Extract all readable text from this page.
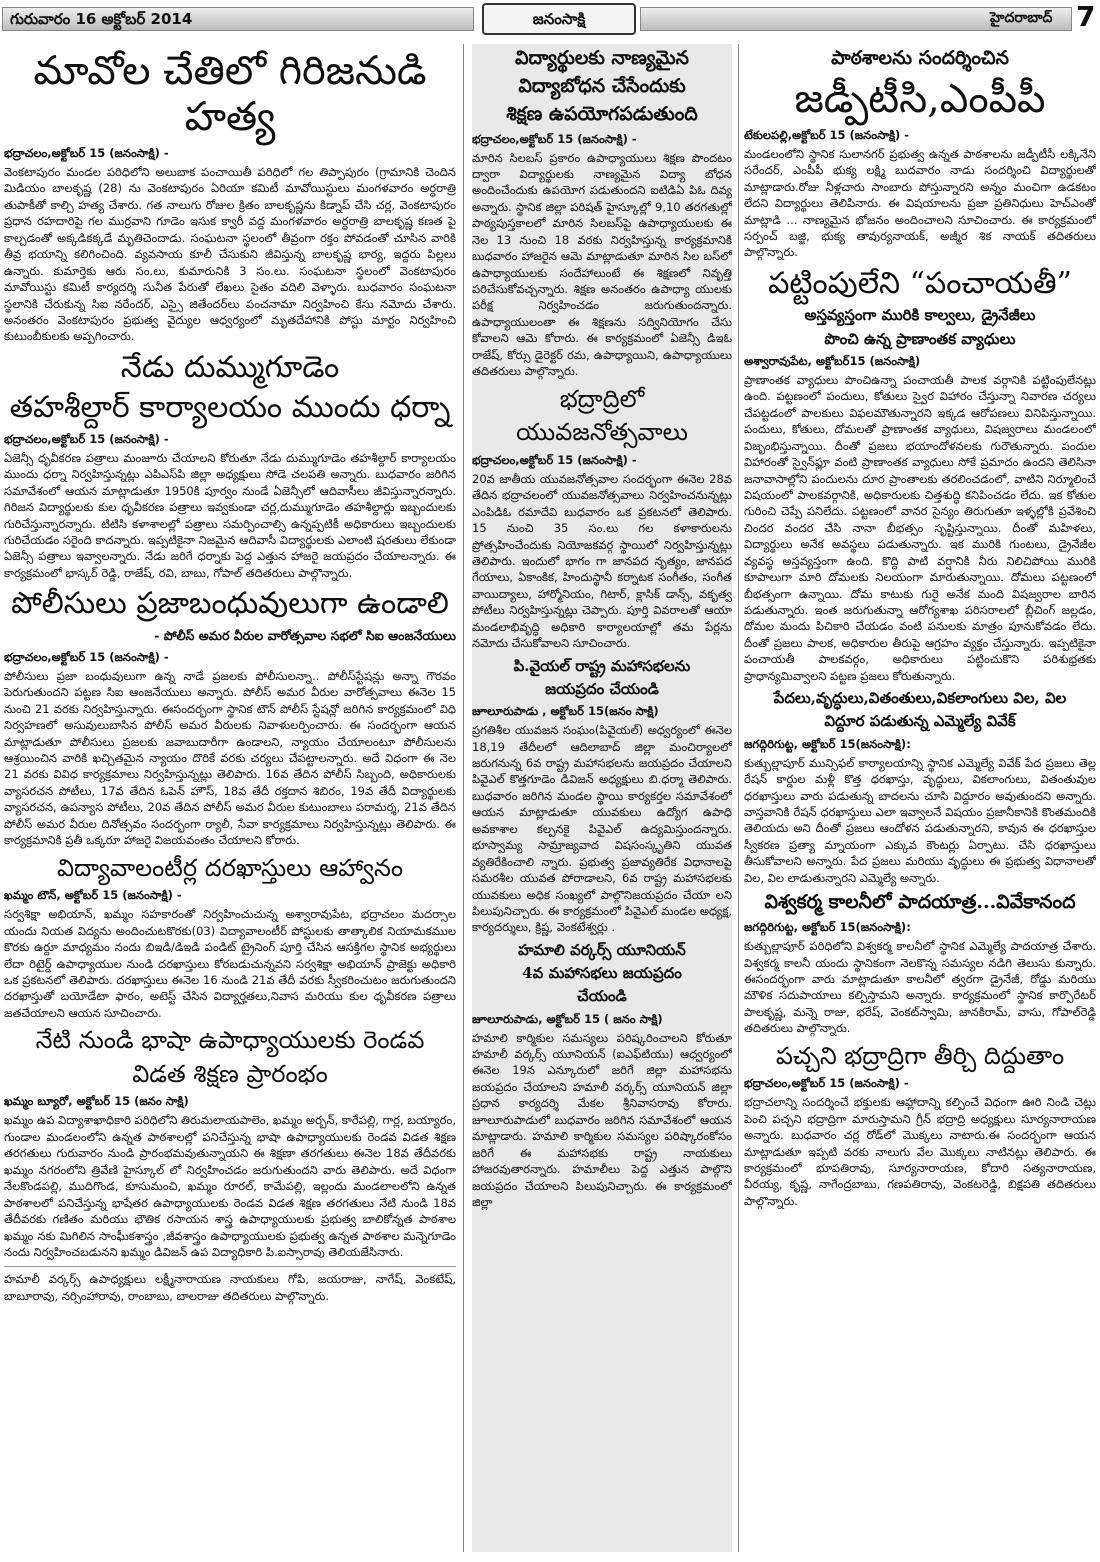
గురువారం 16 అక్టోబర్ 2014	జనంసాక్షి	హైదరాబాద్ 7
మావోల చేతిలో గిరిజనుడి హత్య
భద్రాచలం,అక్టోబర్ 15 (జనంసాక్షి) -

వెంకటాపురం మండల పరిధిలోని అలుబాక పంచాయితీ పరిధిలో గల తిప్పాపురం (గ్రామానికి చెందిన మిడియం బాలకృష్ణ (28) ను వెంకటాపురం ఏరియా కమిటీ మావోయిస్టులు మంగళవారం అర్ధరాత్రి తుపాకీతో కాల్చి హత్య చేశారు. గత నాలుగు రోజుల క్రితం బాలకృష్ణను కిడ్నాప్ చేసి చర్ల, వెంకటాపురం ప్రధాన రహదారిపై గల ముర్రవాని గూడెం ఇసుక క్వారీ వద్ద మంగళవారం అర్ధరాత్రి బాలకృష్ణ కణత పై కాల్చడంతో అక్కడికక్కడే మృతిచెందాడు. సంఘటనా స్థలంలో తీవ్రంగా రక్తం పోవడంతో చూసిన వారికి తీవ్ర భయాన్ని కలిగించింది. వ్యవసాయ కూలీ చేసుకుని జీవిస్తున్న బాలకృష్ణ భార్య, ఇద్దరు పిల్లలు ఉన్నారు. కుమార్తెకు ఆరు సం.లు, కుమారునికి 3 సం.లు. సంఘటనా స్థలంలో వెంకటాపురం మావోయిస్టు కమిటీ కార్యదర్శి సునీత పేరుతో లేఖలు సైతం వదిలి వెళ్ళారు. బుధవారం సంఘటనా స్థలానికి చేరుకున్న సిఐ నరేందర్, ఎస్సై జితేందర్‌లు పంచనామా నిర్వహించి కేసు నమోదు చేశారు. అనంతరం వెంకటాపురం ప్రభుత్వ వైద్యుల ఆధ్వర్యంలో మృతదేహానికి పోస్టు మార్టం నిర్వహించి కుటుంబీకులకు అప్పగించారు.

నేడు దుమ్ముగూడెం
తహశీల్దార్ కార్యాలయం ముందు ధర్నా
భద్రాచలం,అక్టోబర్ 15 (జనంసాక్షి) -

ఏజెన్సీ ధృవీకరణ పత్రాలు మంజూరు చేయాలని కోరుతూ నేడు దుమ్ముగూడెం తహశీల్దార్ కార్యాలయం ముందు ధర్నా నిర్వహిస్తున్నట్లు ఎపిఎస్‌పి జిల్లా అధ్యక్షులు సోడె చలపతి అన్నారు. బుధవారం జరిగిన సమావేశంలో ఆయన మాట్లాడుతూ 1950కి పూర్వం నుండే ఏజెన్సీలో ఆదివాసీలు జీవిస్తున్నారన్నారు. గిరిజన విద్యార్థులకు కుల ధృవీకరణ పత్రాలు ఇవ్వకుండా చర్ల,దుమ్ముగూడెం తహశీల్దార్లు ఇబ్బందులకు గురిచేస్తున్నారన్నారు. టిటిసి కళాశాలల్లో పత్రాలు సమర్పించాల్సి ఉన్నప్పటికీ అధికారులు ఇబ్బందులకు గురిచేయడం సరైంది కాదన్నారు. ఇప్పటికైనా నిజమైన ఆదివాసీ విద్యార్థులకు ఎలాంటి షరతులు లేకుండా ఏజెన్సీ పత్రాలు ఇవ్వాలన్నారు. నేడు జరిగే ధర్నాకు పెద్ద ఎత్తున హాజరై జయప్రదం చేయాలన్నారు. ఈ కార్యక్రమంలో భాస్కర్ రెడ్డి, రాజేష్, రవి, బాబు, గోపాల్ తదితరులు పాల్గొన్నారు.

పోలీసులు ప్రజాబంధువులుగా ఉండాలి
- పోలీస్ అమర వీరుల వారోత్సవాల సభలో సిఐ ఆంజనేయులు
భద్రాచలం,అక్టోబర్ 15 (జనంసాక్షి) -

పోలీసులు ప్రజా బంధువులుగా ఉన్న నాడే ప్రజలకు పోలీసులన్నా.. పోలీస్‌స్టేషన్లు అన్నా గౌరవం పెరుగుతుందని పట్టణ సిఐ ఆంజనేయులు అన్నారు. పోలీస్ అమర వీరుల వారోత్సవాలు ఈనెల 15 నుంచి 21 వరకు నిర్వహిస్తున్నారు. ఈసందర్భంగా స్థానిక టౌన్ పోలీస్ స్టేషన్లో జరిగిన కార్యక్రమంలో విధి నిర్వహణలో అసువులుబాసిన పోలీస్ అమర వీరులకు నివాళులర్పించారు. ఈ సందర్భంగా ఆయన మాట్లాడుతూ పోలీసులు ప్రజలకు జవాబుదారీగా ఉండాలని, న్యాయం చేయాలంటూ పోలీసులను ఆశ్రయించిన వారికి ఖచ్చితమైన న్యాయం దొరికే వరకు చర్యలు చేపట్టాలన్నారు. అదే విధంగా ఈ నెల 21 వరకు వివిధ కార్యక్రమాలు నిర్వహిస్తున్నట్లు తెలిపారు. 16వ తేదిన పోలీస్ సిబ్బంది, అధికారులకు వ్యాసరచన పోటీలు, 17వ తేదిన ఓపెన్ హౌస్, 18వ తేదీ రక్తదాన శిబిరం, 19వ తేదీ విద్యార్థులకు వ్యాసరచన, ఉపన్యాస పోటీలు, 20వ తేదిన పోలీస్ అమర వీరుల కుటుంబాలు పరామర్శ, 21వ తేదిన పోలీస్ అమర వీరుల దినోత్సవం సందర్భంగా ర్యాలీ, సేవా కార్యక్రమాలు నిర్వహిస్తున్నట్లు తెలిపారు. ఈ కార్యక్రమానికి ప్రతీ ఒక్కరూ హాజరై విజయవంతం చేయాలని కోరారు.

విద్యావాలంటీర్ల దరఖాస్తులు ఆహ్వానం
ఖమ్మం టౌన్, అక్టోబర్ 15 (జనంసాక్షి) -

సర్వశిక్షా అభియాన్, ఖమ్మం సహకారంతో నిర్వహించుచున్న అశ్వారావుపేట, భద్రాచలం మదర్సాల యందు నియత విద్యను అందించుటకొరకు(03) విద్యావాలంటీర్ పోస్టులకు తాత్కాలిక నియామకముల కొరకు ఉర్దూ మాధ్యమం నందు బిఇడి/డిఇడి పండిట్ ట్రైనింగ్ పూర్తి చేసిన ఆసక్తిగల స్థానిక అభ్యర్థులు లేదా రిటైర్డ్ ఉపాధ్యాయుల నుండి దరఖాస్తులు కోరబడుచున్నవని సర్వశిక్షా అభియాన్ ప్రాజెక్టు అధికారి ఒక ప్రకటనలో తెలిపారు. దరఖాస్తులు ఈనెల 16 నుండి 21వ తేదీ వరకు స్వీకరించుటం జరుగుతుందని దరఖాస్తుతో బయోడేటా ఫారం, అటెస్ట్ చేసిన విద్యార్హతలు,నివాస మరియు కుల ధృవీకరణ పత్రాలు జతచేయాలని ఆయన సూచించారు.

నేటి నుండి భాషా ఉపాధ్యాయులకు రెండవ
విడత శిక్షణ ప్రారంభం
ఖమ్మం బ్యూరో, అక్టోబర్ 15 (జనం సాక్షి)

ఖమ్మం ఉప విద్యాశాఖాధికారి పరిధిలోని తిరుమలాయపాలెం, ఖమ్మం అర్బన్, కారేపల్లి, గార్ల, బయ్యారం, గుండాల మండలంలోని ఉన్నత పాఠశాలల్లో పనిచేస్తున్న భాషా ఉపాధ్యాయులకు రెండవ విడత శిక్షణ తరగతులు గురువారం నుండి ప్రారంభమవుతున్నాయని ఈ శిక్షణా తరగతులు ఈనెల 18వ తేదీవరకు ఖమ్మం నగరంలోని త్రివేణి హైస్కూల్ లో నిర్వహించడం జరుగుతుందని వారు తెలిపారు. అదే విధంగా నేలకొండపల్లి, ముదిగొండ, కూసుమంచి, ఖమ్మం రూరల్, కామేపల్లి, ఇల్లందు మండలాలలోని ఉన్నత పాఠశాలలో పనిచేస్తున్న భాషేతర ఉపాధ్యాయులకు రెండవ విడత శిక్షణ తరగతులు నేటి నుండి 18వ తేదీవరకు గణితం మరియు భౌతిక రసాయన శాస్త్ర ఉపాధ్యాయులకు ప్రభుత్వ బాలికోన్నత పాఠశాల ఖమ్మం నకు మిగిలిన సాంఘీకశాస్త్రం ,జీవశాస్త్రం ఉపాధ్యాయులకు ప్రభుత్వ ఉన్నత పాఠశాల మన్నెగూడెం నందు నిర్వహించబడునని ఖమ్మం డివిజన్ ఉప విద్యాధికారి పి.ఐస్సారావు తెలియజేసినారు.

హమాలీ వర్కర్స్ ఉపాధ్యక్షులు లక్ష్మీనారాయణ నాయకులు గోపి, జయరాజు, నాగేష్, వెంకటేష్, బాబూరావు, నర్సింహారావు, రాంబాబు, బాలరాజు తదితరులు పాల్గొన్నారు.

విద్యార్థులకు నాణ్యమైన
విద్యాబోధన చేసేందుకు
శిక్షణ ఉపయోగపడుతుంది
భద్రాచలం,అక్టోబర్ 15 (జనంసాక్షి) -

మారిన సిలబస్ ప్రకారం ఉపాధ్యాయులు శిక్షణ పొందటం ద్వారా విద్యార్థులకు నాణ్యమైన విద్యా బోధన అందించేందుకు ఉపయోగ పడుతుందని ఐటిడిఏ పిఓ దివ్య అన్నారు. స్థానిక జిల్లా పరిషత్ హైస్కూల్లో 9,10 తరగతుల్లో పాఠ్యపుస్తకాలలో మారిన సిలబస్‌పై ఉపాధ్యాయులకు ఈ నెల 13 నుంచి 18 వరకు నిర్వహిస్తున్న కార్యక్రమానికి బుధవారం హాజరైన ఆమె మాట్లాడుతూ మారిన సిల బస్‌లో ఉపాధ్యాయులకు సందేహాలుంటే ఈ శిక్షణలో నివృత్తి పరిచేసుకోవచ్చన్నారు. శిక్షణ అనంతరం ఉపాధ్యా యులకు పరీక్ష నిర్వహించడం జరుగుతుందన్నారు. ఉపాధ్యాయులంతా ఈ శిక్షణను సద్వినియోగం చేసు కోవాలని ఆమె కోరారు. ఈ కార్యక్రమంలో ఏజెన్సీ డిఇఓ రాజేష్, కోర్సు డైరెక్టర్ రమ, ఉపాధ్యాయిని, ఉపాధ్యాయులు తదితరులు పాల్గొన్నారు.

భద్రాద్రిలో
యువజనోత్సవాలు
భద్రాచలం,అక్టోబర్ 15 (జనంసాక్షి) -

20వ జాతీయ యువజనోత్సవాల సందర్భంగా ఈనెల 28వ తేదిన భద్రాచలంలో యువజనోత్సవాలు నిర్వహించనున్నట్లు ఎంపిడిఓ రమాదేవి బుధవారం ఒక ప్రకటనలో తెలిపారు. 15 నుంచి 35 సం.లు గల కళాకారులను ప్రోత్సహించేందుకు నియోజకవర్గ స్థాయిలో నిర్వహిస్తున్నట్లు తెలిపారు. ఇందులో భాగం గా జానపద నృత్యం, జానపద గేయాలు, ఏకాంకిక, హిందుస్థానీ కర్నాటక సంగీతం, సంగీత వాయిద్యాలు, హార్మోనియం, గిటార్, క్లాసిక్ డాన్స్, వకృత్వ పోటీలు నిర్వహిస్తున్నట్లు చెప్పారు. పూర్తి వివరాలతో ఆయా మండలాభివృద్ధి అధికారి కార్యాలయాల్లో తమ పేర్లను నమోదు చేసుకోవాలని సూచించారు.

పి.వైయల్ రాష్ట్ర మహాసభలను
జయప్రదం చేయండి
జూలూరుపాడు , అక్టోబర్ 15(జనం సాక్షి)

ప్రగతిశీల యువజన సంఘం(పివైయల్) అధ్వర్యంలో ఈనెల 18,19 తేదీలలో ఆదిలాబాద్ జిల్లా మంచిర్యాలలో జరుగనున్న 6వ రాష్ట్ర మహాసభలను జయప్రదం చేయాలని పివైఎల్ కొత్తగూడెం డివిజన్ అధ్యక్షులు బి.ధర్మా తెలిపారు. బుధవారం జరిగిన మండల స్థాయి కార్యకర్తల సమావేశంలో ఆయన మాట్లాడుతూ యువకులు ఉద్యోగ ఉపాధి అవకాశాల కల్పనకై పివైఎల్ ఉద్యమిస్తుందన్నారు. భూస్వామ్య సామ్రాజ్యవాద విషసంస్కృతిని యువత వ్యతిరేకించాలి న్నారు. ప్రభుత్వ ప్రజావ్యతిరేక విధానాలపై సమరశీల యువత పోరాడాలని, 6వ రాష్ట్ర మహాసభలకు యువకులు అధిక సంఖ్యలో పాల్గొనిజయప్రదం చేయా లని పిలుపునిచ్చారు. ఈ కార్యక్రమంలో పివైఎల్ మండల అధ్యక్ష, కార్యదర్శులు, క్రిష్ణ, వెంకటేశ్వర్లు .

హమాలి వర్కర్స్ యూనియన్
4వ మహాసభలు జయప్రదం
చేయండి
జూలూరుపాడు, అక్టోబర్ 15 ( జనం సాక్షి)

హమాలి కార్మికుల సమస్యలు పరిష్కరించాలని కోరుతూ హమాలీ వర్కర్స్ యూనియన్ (ఐఎఫ్‌టియు) ఆధ్వర్యంలో ఈనెల 19న ఎన్కూరులో జరిగే జిల్లా మహాసభను జయప్రదం చేయాలని హమాలీ వర్కర్స్ యూనియన్ జిల్లా ప్రధాన కార్యదర్శి మేకల శ్రీనివాసరావు కోరారు. జూలూరుపాడులో బుధవారం జరిగిన సమావేశంలో ఆయన మాట్లాడారు. హమాలి కార్మికుల సమస్యల పరిష్కారంకోసం జరిగే ఈ మహాసభకు రాష్ట్ర నాయకులు హాజరవుతారన్నారు. హమాలీలు పెద్ద ఎత్తున పాల్గొని జయప్రదం చేయాలని పిలుపునిచ్చారు. ఈ కార్యక్రమంలో జిల్లా

పాఠశాలను సందర్శించిన
జడ్పీటీసి,ఎంపీపీ
టేకులపల్లి,అక్టోబర్ 15 (జనంసాక్షి) -

మండలంలోని స్థానిక సులానగర్ ప్రభుత్వ ఉన్నత పాఠశాలను జడ్పీటీసీ లక్కినేని సరేందర్, ఎంపీపీ భుక్య లక్ష్మి బుదవారం నాడు సందర్శించి విద్యార్థులతో మాట్లాడారు.రోజు నీళ్లచారు సాంబారు పోస్తున్నారని అన్నం మంచిగా ఉడకటం లేదని విద్యార్థులు తెలిపినారు. ఈ విషయాలను ప్రజా ప్రతినిధులు హెచ్‌ఎంతో మాట్లాడి ... నాణ్యమైన భోజనం అందించాలని సూచించారు. ఈ కార్యక్రమంలో సర్పంచ్ బజ్జి, భుక్య తావుర్యనాయక్, అజ్మీర శిక నాయక్ తదితరులు పాల్గొన్నారు.

పట్టింపులేని “పంచాయతీ”
అస్తవ్యస్తంగా మురికి కాల్వలు, డ్రైనేజీలు
పొంచి ఉన్న ప్రాణాంతక వ్యాధులు
అశ్వారావుపేట, అక్టోబర్15 (జనంసాక్షి)

ప్రాణాంతక వ్యాధులు పొంచిఉన్నా పంచాయతీ పాలక వర్గానికి పట్టింపులేనట్లు ఉంది. పట్టణంలో పందులు, కోతులు స్వైర విహారం చేస్తున్నా నివారణ చర్యలు చేపట్టడంలో పాలకులు విఫలమౌతున్నారని ఇక్కడ ఆరోపణలు వినిపిస్తున్నాయి. పందులు, కోతులు, దోమలతో ప్రాణాంతక వ్యాధులు, విషజ్వరాలు మండలంలో విజృంభిస్తున్నాయి. దీంతో ప్రజలు భయాందోళనలకు గురౌతున్నారు. పందుల విహారంతో స్వైన్‌ఫ్లూ వంటి ప్రాణాంతక వ్యాధులు సోకే ప్రమాదం ఉందని తెలిసినా జనావాసాల్లోని పందులను దూర ప్రాంతాలకు తరలించడంలో, వాటిని నిర్మూలించే విషయంలో పాలకవర్గానికి, అధికారులకు చిత్తశుద్ధి కనిపించడం లేదు. ఇక కోతుల గురించి చెప్పే పనిలేదు. పట్టణంలో వానర సైన్యం తిరుగుతూ ఇళ్ళల్లోకి ప్రవేశించి చిందర వందర చేసి నానా బీభత్సం సృష్టిస్తున్నాయి. దీంతో మహిళలు, విద్యార్థులు అనేక అవస్థలు పడుతున్నారు. ఇక మురికి గుంటలు, డ్రైనేజీల వ్యవస్థ అస్తవ్యస్తంగా ఉంది. కొద్ది పాటి వర్షానికి నీరు నిలిచిపోయి మురికి కూపాలుగా మారి దోమలకు నిలయంగా మారుతున్నాయి. దోమలు పట్టణంలో బీభత్సంగా ఉన్నాయి. దోమ కాటుకు గురై అనేక మంది విషజ్వరాల బారిన పడుతున్నారు. ఇంత జరుగుతున్నా ఆరోగ్యశాఖ పరిసరాలలో బ్లీచింగ్ జల్లడం, దోమల మందు పిచికారి చేయడం వంటి పనులకు మాత్రం పూనుకోవడం లేదు. దీంతో ప్రజలు పాలక, అధికారుల తీరుపై ఆగ్రహం వ్యక్తం చేస్తున్నారు. ఇప్పటికైనా పంచాయతీ పాలకవర్గం, అధికారులు పట్టించుకొని పరిశుభ్రతకు ప్రాధాన్యమివ్వాలని పట్టణ ప్రజలు కోరుతున్నారు.

పేదలు,వృద్ధులు,వితంతులు,వికలాంగులు విల, విల
విద్దూర పడుతున్న ఎమ్మెల్యే వివేక్
జగద్గిరిగుట్ట, అక్టోబర్ 15(జనంసాక్షి):

కుత్బుల్లాపూర్ మున్సిఫల్ కార్యాలయాన్ని స్థానిక ఎమ్మెల్యే వివేక్ పేద ప్రజలు తెల్ల రేషన్ కార్డుల మళ్లీ కొత్త ధరఖాస్తు, వృద్ధులు, వికలాంగులు, వితంతువుల ధరఖాస్తులు వారు పడుతున్న బాదలను చూసి విద్దూరం అవుతుందని అన్నారు. వాస్తవానికి రేషన్ ధరఖాస్తులు ఎలా ఇవ్వాలనే విషయం ప్రజానీకానికి కొంతమందికి తెలియదు అని దీంతో ప్రజలు ఆందోళన పడుతున్నారని, కావున ఈ ధరఖాస్తుల స్వీకరణ ప్రత్యా మ్నాయంగా ఎక్కువ కౌంటర్లు ఏర్పాటు. చేసి ధరఖాస్తులు తీసుకోవాలని అన్నారు. పేద ప్రజలు మరియు వృద్ధులు ఈ ప్రభుత్వ విధానాలతో విల, విల లాడుతున్నారని ఎమ్మెల్యే అన్నారు.

విశ్వకర్మ కాలనీలో పాదయాత్ర...వివేకానంద
జగద్గిరిగుట్ట, అక్టోబర్ 15(జనంసాక్షి):

కుత్బుల్లాపూర్ పరిధిలోని విశ్వకర్మ కాలనీలో స్థానిక ఎమ్మెల్యే పాదయాత్ర చేశారు. విశ్వకర్మ కాలనీ యందు స్థానికంగా నెలకొన్న సమస్యల నడిగి తెలుసు కున్నారు. ఈసందర్భంగా వారు మాట్లాడుతూ కాలనీలో త్వరగా డ్రైనేజీ, రోడ్డు మరియు మౌళిక సదుపాయాలు కల్పిస్తామని అన్నారు. కార్యక్రమంలో స్థానిక కార్పొరేటర్ పాలకృష్ణ, మన్నె రాజు, భరేష్, వెంకట్‌స్వామి, జానకిరామ్, వాసు, గోపాల్‌రెడ్డి తదితరులు పాల్గొన్నారు.

పచ్చని భద్రాద్రిగా తీర్చి దిద్దుతాం
భద్రాచలం,అక్టోబర్ 15 (జనంసాక్షి) -

భద్రాచలాన్ని సందర్శించే భక్తులకు ఆహ్లాదాన్ని కల్పించే విధంగా ఊరి నిండి చెట్లు పెంచి పచ్చని భద్రాద్రిగా మారుస్తామని గ్రీన్ భద్రాద్రి అధ్యక్షులు సూర్యనారాయణ అన్నారు. బుధవారం చర్ల రోడ్‌లో మొక్కలు నాటారు.ఈ సందర్భంగా ఆయన మాట్లాడుతూ ఇప్పటి వరకు నాలుగు వేల మొక్కలు నాటినట్లు తెలిపారు. ఈ కార్యక్రమంలో భూపతిరావు, సూర్యనారాయణ, కోదారి సత్యనారాయణ, వీరయ్య, కృష్ణ, నాగేంద్రబాబు, గణపతిరావు, వెంకటరెడ్డి, బిక్షపతి తదితరులు పాల్గొన్నారు.
